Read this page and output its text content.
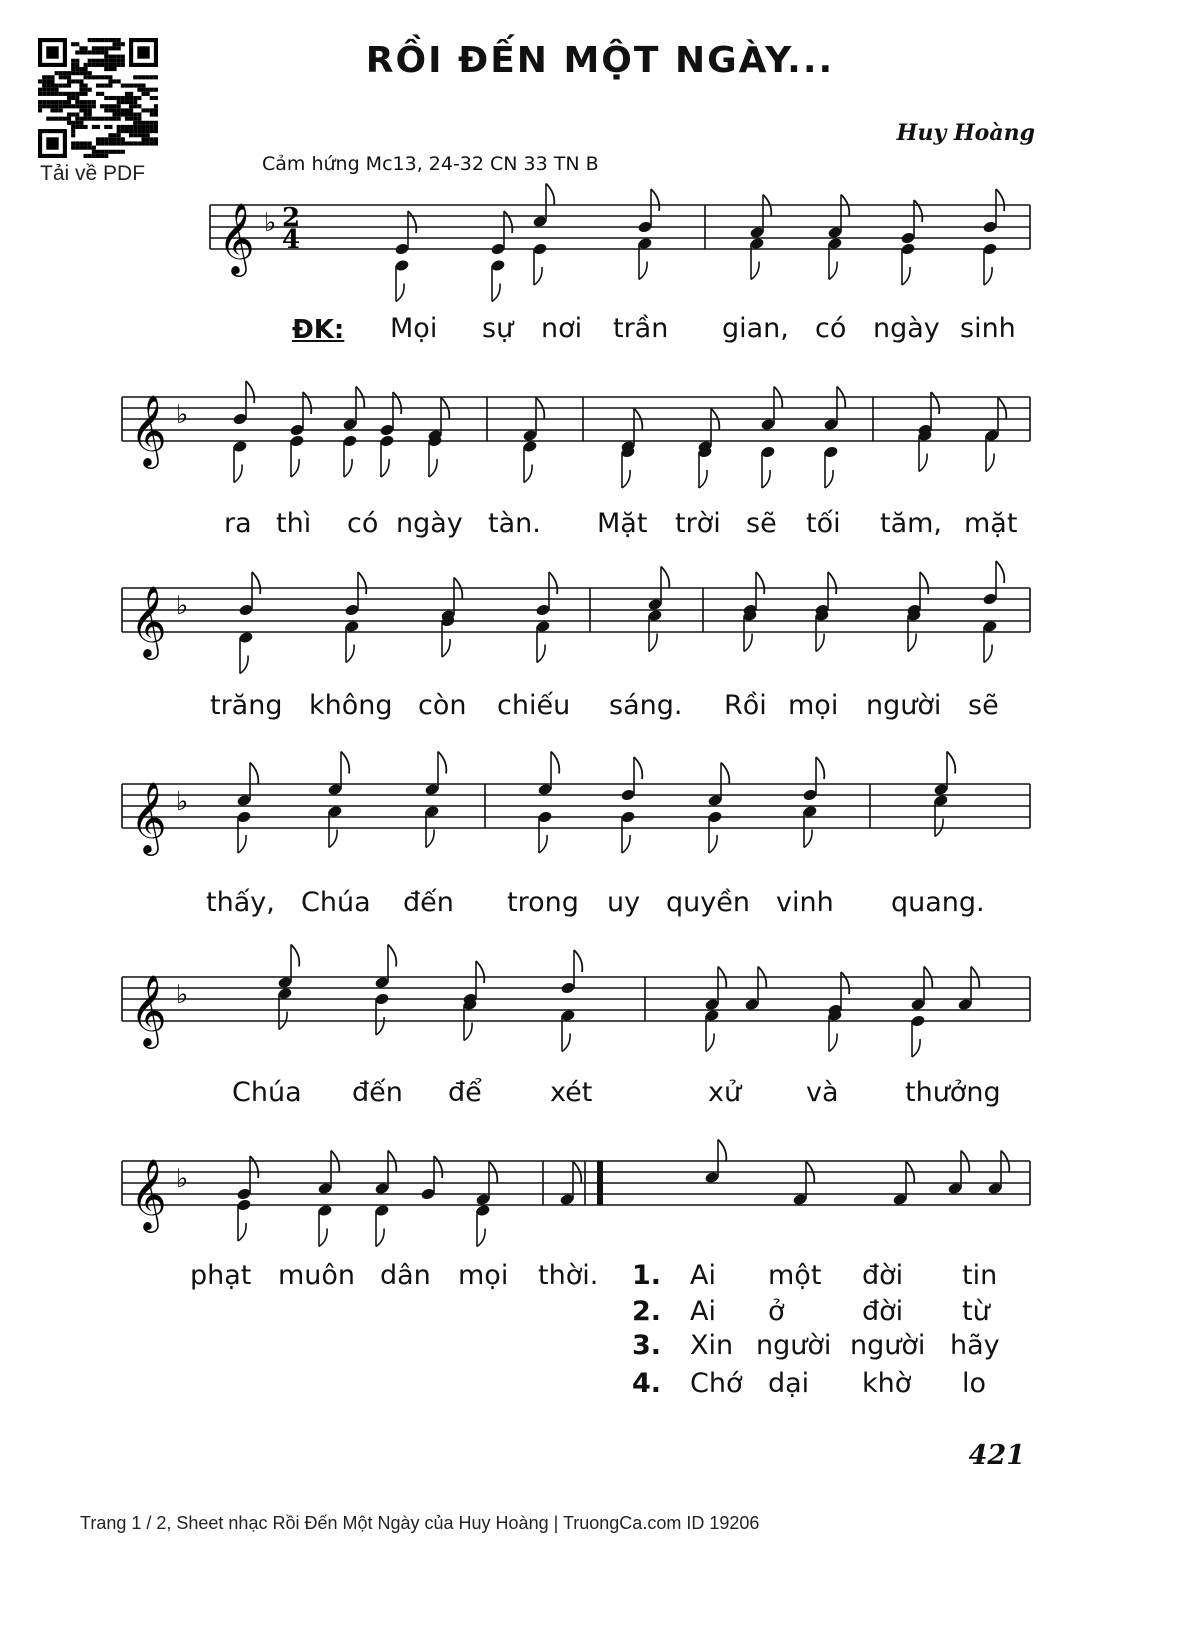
Tải về PDF
RỒI ĐẾN MỘT NGÀY...
Huy Hoàng
Cảm hứng Mc13, 24-32 CN 33 TN B
𝄞 ♭ 2
4
𝄞 ♭
𝄞 ♭
𝄞 ♭
𝄞 ♭
𝄞 ♭
ĐK: Mọi sự nơi trần gian, có ngày sinh
ra thì có ngày tàn. Mặt trời sẽ tối tăm, mặt
trăng không còn chiếu sáng. Rồi mọi người sẽ
thấy, Chúa đến trong uy quyền vinh quang.
Chúa đến để	xét	xử và thưởng
phạt muôn dân mọi thời. 1.	Ai một đời tin
2.	Ai ở	đời từ
3.	Xin người người hãy
4.	Chớ dại khờ lo
421
Trang 1 / 2, Sheet nhạc Rồi Đến Một Ngày của Huy Hoàng | TruongCa.com ID 19206
